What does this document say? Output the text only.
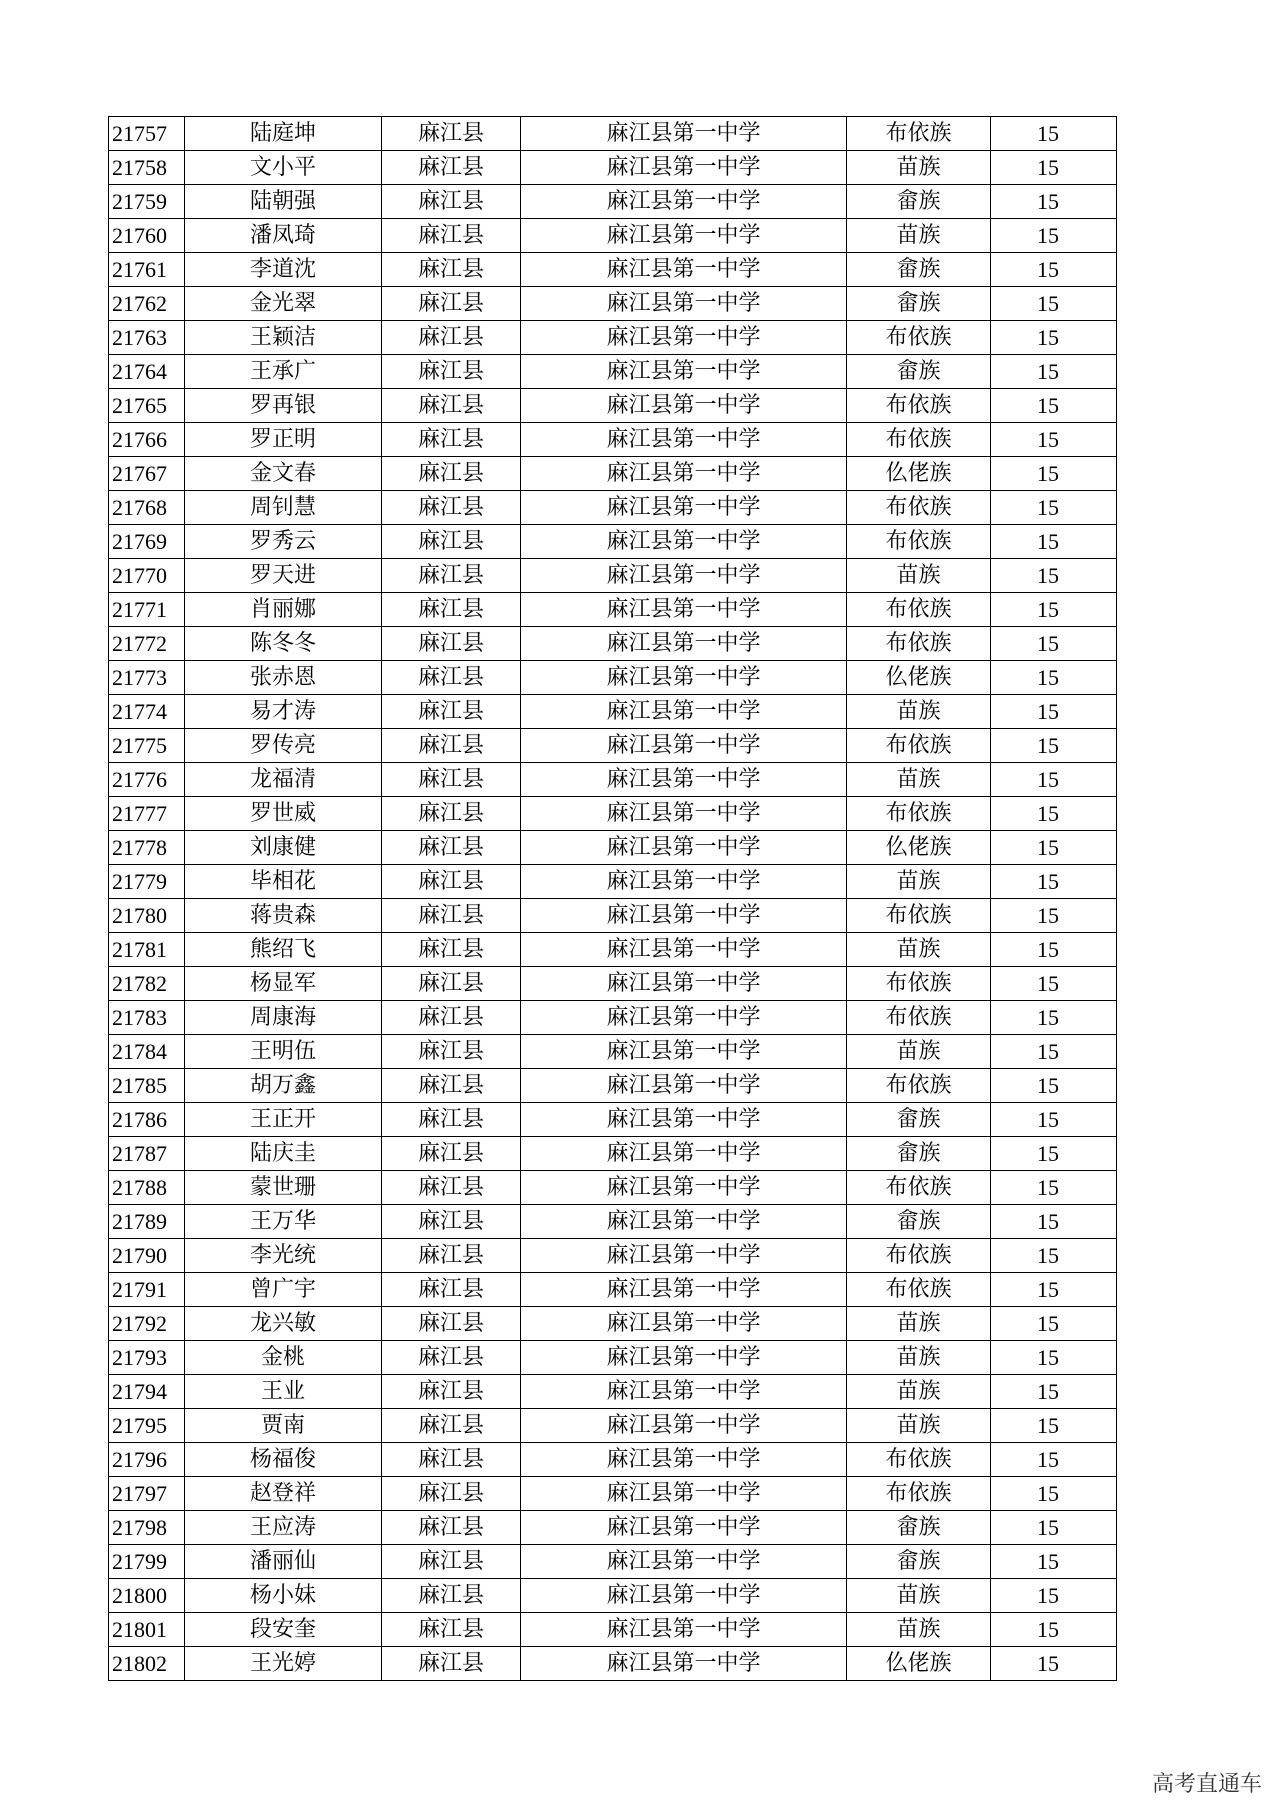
21757	陆庭坤	麻江县	麻江县第一中学	布依族	15	
21758	文小平	麻江县	麻江县第一中学	苗族	15	
21759	陆朝强	麻江县	麻江县第一中学	畲族	15	
21760	潘凤琦	麻江县	麻江县第一中学	苗族	15	
21761	李道沈	麻江县	麻江县第一中学	畲族	15	
21762	金光翠	麻江县	麻江县第一中学	畲族	15	
21763	王颖洁	麻江县	麻江县第一中学	布依族	15	
21764	王承广	麻江县	麻江县第一中学	畲族	15	
21765	罗再银	麻江县	麻江县第一中学	布依族	15	
21766	罗正明	麻江县	麻江县第一中学	布依族	15	
21767	金文春	麻江县	麻江县第一中学	仫佬族	15	
21768	周钊慧	麻江县	麻江县第一中学	布依族	15	
21769	罗秀云	麻江县	麻江县第一中学	布依族	15	
21770	罗天进	麻江县	麻江县第一中学	苗族	15	
21771	肖丽娜	麻江县	麻江县第一中学	布依族	15	
21772	陈冬冬	麻江县	麻江县第一中学	布依族	15	
21773	张赤恩	麻江县	麻江县第一中学	仫佬族	15	
21774	易才涛	麻江县	麻江县第一中学	苗族	15	
21775	罗传亮	麻江县	麻江县第一中学	布依族	15	
21776	龙福清	麻江县	麻江县第一中学	苗族	15	
21777	罗世威	麻江县	麻江县第一中学	布依族	15	
21778	刘康健	麻江县	麻江县第一中学	仫佬族	15	
21779	毕相花	麻江县	麻江县第一中学	苗族	15	
21780	蒋贵森	麻江县	麻江县第一中学	布依族	15	
21781	熊绍飞	麻江县	麻江县第一中学	苗族	15	
21782	杨显军	麻江县	麻江县第一中学	布依族	15	
21783	周康海	麻江县	麻江县第一中学	布依族	15	
21784	王明伍	麻江县	麻江县第一中学	苗族	15	
21785	胡万鑫	麻江县	麻江县第一中学	布依族	15	
21786	王正开	麻江县	麻江县第一中学	畲族	15	
21787	陆庆圭	麻江县	麻江县第一中学	畲族	15	
21788	蒙世珊	麻江县	麻江县第一中学	布依族	15	
21789	王万华	麻江县	麻江县第一中学	畲族	15	
21790	李光统	麻江县	麻江县第一中学	布依族	15	
21791	曾广宇	麻江县	麻江县第一中学	布依族	15	
21792	龙兴敏	麻江县	麻江县第一中学	苗族	15	
21793	金桃	麻江县	麻江县第一中学	苗族	15	
21794	王业	麻江县	麻江县第一中学	苗族	15	
21795	贾南	麻江县	麻江县第一中学	苗族	15	
21796	杨福俊	麻江县	麻江县第一中学	布依族	15	
21797	赵登祥	麻江县	麻江县第一中学	布依族	15	
21798	王应涛	麻江县	麻江县第一中学	畲族	15	
21799	潘丽仙	麻江县	麻江县第一中学	畲族	15	
21800	杨小妹	麻江县	麻江县第一中学	苗族	15	
21801	段安奎	麻江县	麻江县第一中学	苗族	15	
21802	王光婷	麻江县	麻江县第一中学	仫佬族	15	
高考直通车
